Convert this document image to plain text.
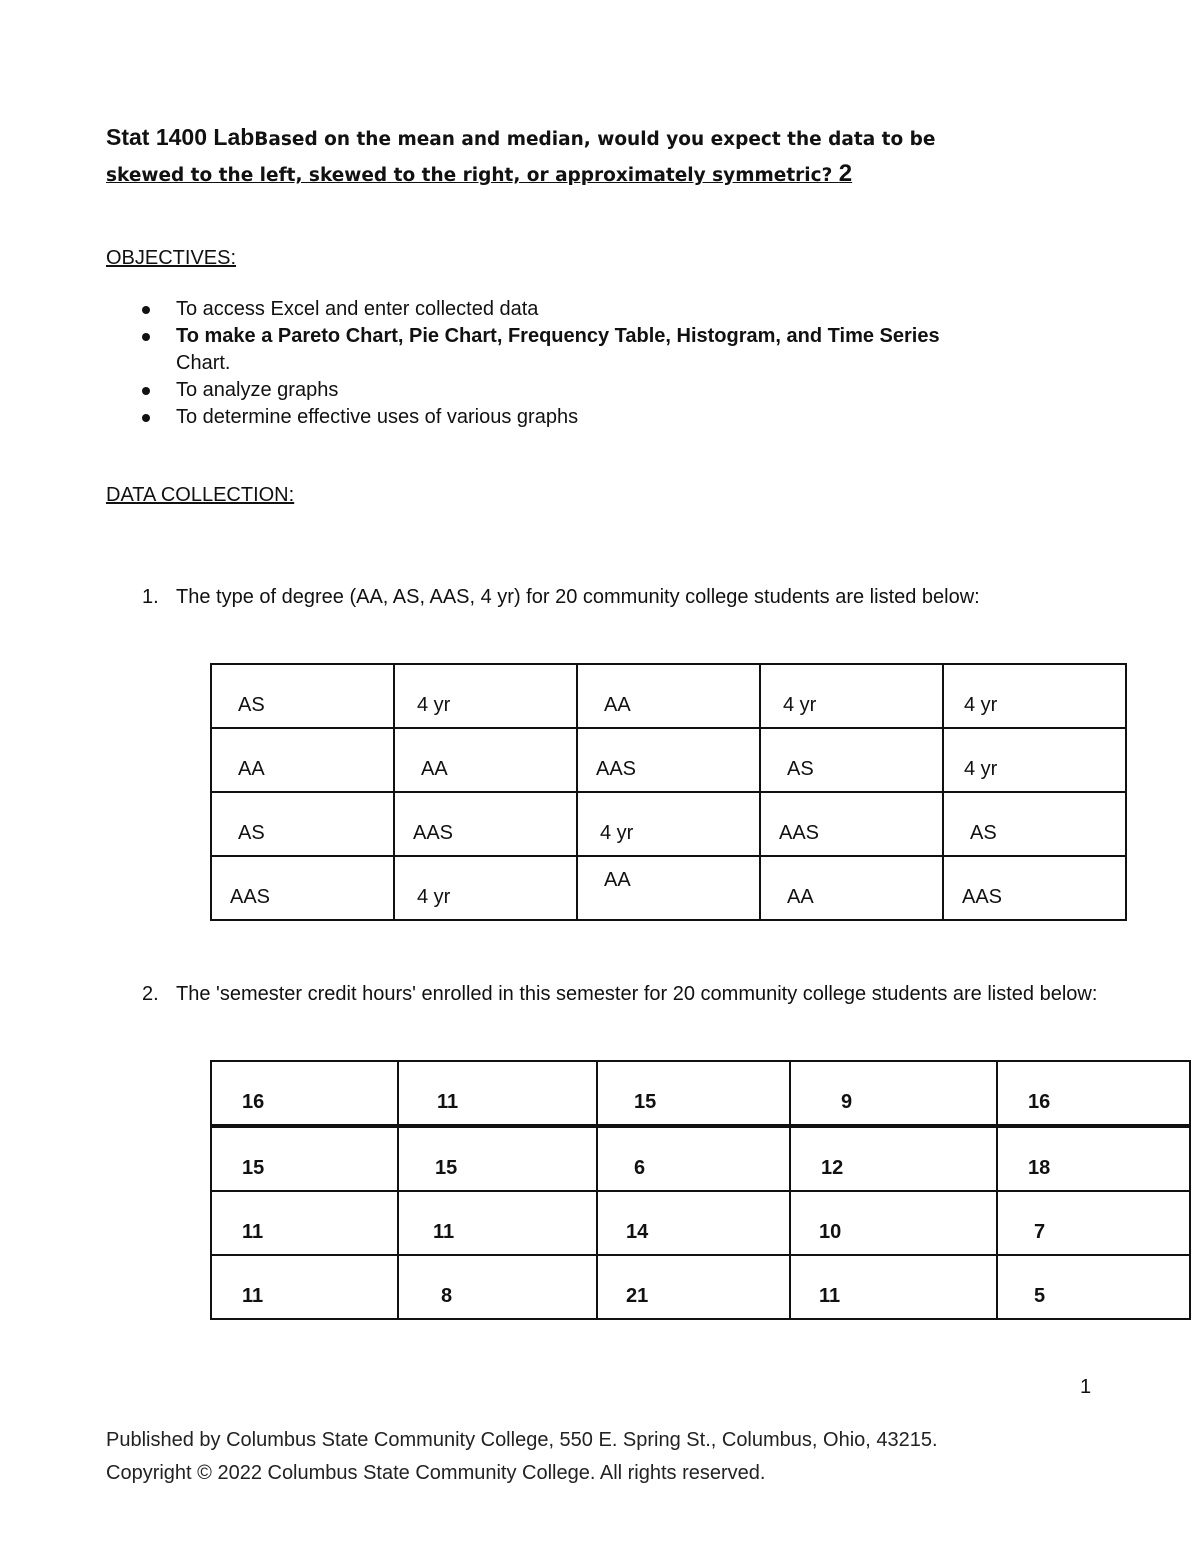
Stat 1400 LabBased on the mean and median, would you expect the data to be
skewed to the left, skewed to the right, or approximately symmetric? 2
OBJECTIVES:
To access Excel and enter collected data
To make a Pareto Chart, Pie Chart, Frequency Table, Histogram, and Time Series
Chart.
To analyze graphs
To determine effective uses of various graphs
DATA COLLECTION:
1. The type of degree (AA, AS, AAS, 4 yr) for 20 community college students are listed below:
AS	4 yr	AA	4 yr	4 yr

AA	AA	AAS	AS	4 yr

AS	AAS	4 yr	AAS	AS

AAS	4 yr	AA	AA	AAS
2. The 'semester credit hours' enrolled in this semester for 20 community college students are listed below:
16	11	15	9	16

15	15	6	12	18

11	11	14	10	7

11	8	21	11	5
1
Published by Columbus State Community College, 550 E. Spring St., Columbus, Ohio, 43215. Copyright © 2022 Columbus State Community College. All rights reserved.
